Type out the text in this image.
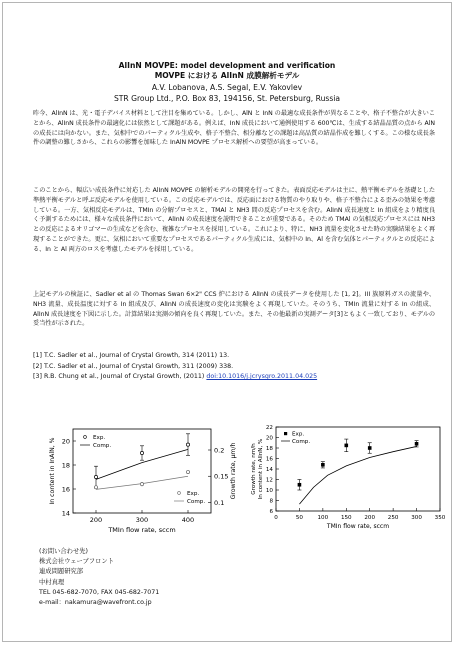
AlInN MOVPE: model development and verification
MOVPE における AlInN 成膜解析モデル
A.V. Lobanova, A.S. Segal, E.V. Yakovlev
STR Group Ltd., P.O. Box 83, 194156, St. Petersburg, Russia
昨今、AlInN は、光・電子デバイス材料として注目を集めている。しかし、AlN と InN の最適な成長条件が異なることや、格子不整合が大きいことから、AlInN 成長条件の最適化には依然として課題がある。例えば、InN 成長において通例使用する 600℃は、生成する結晶品質の点から AlN の成長には向かない。また、気相中でのパーティクル生成や、格子不整合、相分離などの課題は高品質の結晶作成を難しくする。この様な成長条件の調整の難しさから、これらの影響を加味した InAlN MOVPE プロセス解析への要望が高まっている。
このことから、幅広い成長条件に対応した AlInN MOVPE の解析モデルの開発を行ってきた。表面反応モデルは主に、熱平衡モデルを基礎とした準熱平衡モデルと呼ぶ反応モデルを使用している。この反応モデルでは、反応面における物質のやり取りや、格子不整合による歪みの効果を考慮している。一方、気相反応モデルは、TMIn の分解プロセスと、TMAl と NH3 間の反応プロセスを含む。AlInN 成長速度と In 組成をより精度良く予測するためには、様々な成長条件において、AlInN の成長速度を説明できることが重要である。そのため TMAl の気相反応プロセスには NH3 との反応によるオリゴマーの生成などを含む、複雑なプロセスを採用している。これにより、特に、NH3 流量を変化させた時の実験結果をよく再現することができた。更に、気相において重要なプロセスであるパーティクル生成には、気相中の In、Al を含む気体とパーティクルとの反応による、In と Al 両方のロスを考慮したモデルを採用している。
上記モデルの検証に、Sadler et al の Thomas Swan 6×2" CCS 炉における AlInN の成長データを使用した [1, 2]。III 族原料ガスの流量や、NH3 流量、成長温度に対する In 組成及び、AlInN の成長速度の変化は実験をよく再現していた。そのうち、TMIn 流量に対する In の組成、AlInN 成長速度を下図に示した。計算結果は実測の傾向を良く再現していた。また、その他最新の実測データ[3]ともよく一致しており、モデルの妥当性が示された。
[1] T.C. Sadler et al., Journal of Crystal Growth, 314 (2011) 13.
[2] T.C. Sadler et al., Journal of Crystal Growth, 311 (2009) 338.
[3] R.B. Chung et al., Journal of Crystal Growth, (2011) doi:10.1016/j.jcrysgro.2011.04.025
200	300	400
14
16
18
20
0.1
0.15
0.2
TMIn flow rate, sccm
In content in InAlN, %	Growth rate, μm/h
Exp.
Comp.
Exp.
Comp.
0	50	100 150 200 250 300 350
6
8
10
12
14
16
18
20
22
TMIn flow rate, sccm
Growth rate, nm/h In content in AlInN, %
Exp.
Comp.
(お問い合わせ先)
株式会社ウェーブフロント
連成問題研究部
中村真理
TEL 045-682-7070, FAX 045-682-7071
e-mail：nakamura@wavefront.co.jp
